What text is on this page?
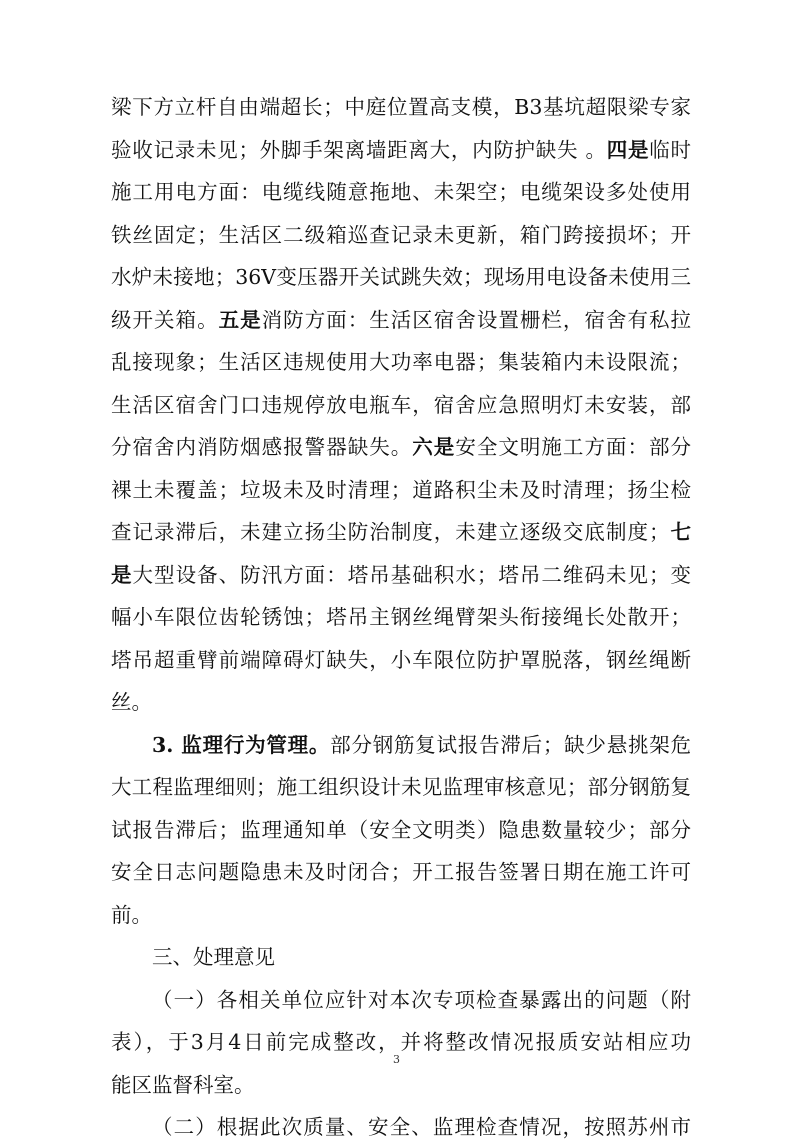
梁下方立杆自由端超长；中庭位置高支模，B3基坑超限梁专家
验收记录未见；外脚手架离墙距离大，内防护缺失 。四是临时
施工用电方面：电缆线随意拖地、未架空；电缆架设多处使用
铁丝固定；生活区二级箱巡查记录未更新，箱门跨接损坏；开
水炉未接地；36V变压器开关试跳失效；现场用电设备未使用三
级开关箱。五是消防方面：生活区宿舍设置栅栏，宿舍有私拉
乱接现象；生活区违规使用大功率电器；集装箱内未设限流；
生活区宿舍门口违规停放电瓶车，宿舍应急照明灯未安装，部
分宿舍内消防烟感报警器缺失。六是安全文明施工方面：部分
裸土未覆盖；垃圾未及时清理；道路积尘未及时清理；扬尘检
查记录滞后，未建立扬尘防治制度，未建立逐级交底制度；七
是大型设备、防汛方面：塔吊基础积水；塔吊二维码未见；变
幅小车限位齿轮锈蚀；塔吊主钢丝绳臂架头衔接绳长处散开；
塔吊超重臂前端障碍灯缺失，小车限位防护罩脱落，钢丝绳断
丝。
3. 监理行为管理。部分钢筋复试报告滞后；缺少悬挑架危
大工程监理细则；施工组织设计未见监理审核意见；部分钢筋复
试报告滞后；监理通知单（安全文明类）隐患数量较少；部分
安全日志问题隐患未及时闭合；开工报告签署日期在施工许可
前。
三、处理意见
（一）各相关单位应针对本次专项检查暴露出的问题（附
表），于3月4日前完成整改，并将整改情况报质安站相应功
能区监督科室。
（二）根据此次质量、安全、监理检查情况，按照苏州市
3
